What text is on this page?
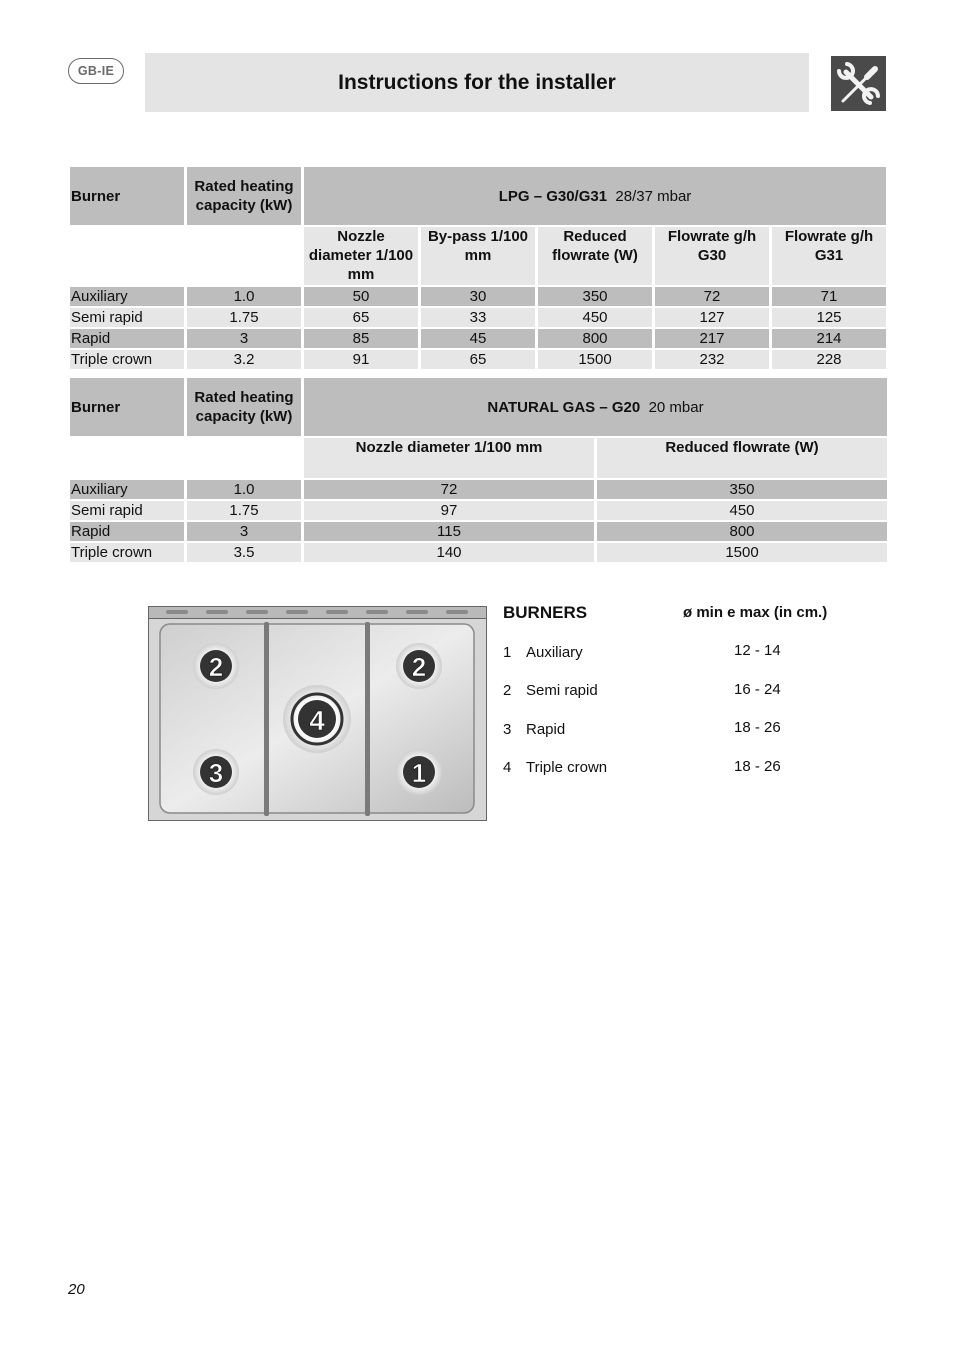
GB-IE	Instructions for the installer
Burner	Rated heating capacity (kW)	LPG – G30/G31 28/37 mbar				
		Nozzle diameter 1/100 mm	By-pass 1/100 mm	Reduced flowrate (W)	Flowrate g/h G30	Flowrate g/h G31
Auxiliary	1.0	50	30	350	72	71
Semi rapid	1.75	65	33	450	127	125
Rapid	3	85	45	800	217	214
Triple crown	3.2	91	65	1500	232	228
Burner	Rated heating capacity (kW)	NATURAL GAS – G20 20 mbar	
		Nozzle diameter 1/100 mm	Reduced flowrate (W)
Auxiliary	1.0	72	350
Semi rapid	1.75	97	450
Rapid	3	115	800
Triple crown	3.5	140	1500
2	2
4
3	1
BURNERS	ø min e max (in cm.)
1 Auxiliary	12 - 14
2 Semi rapid	16 - 24
3 Rapid	18 - 26
4 Triple crown	18 - 26
20
